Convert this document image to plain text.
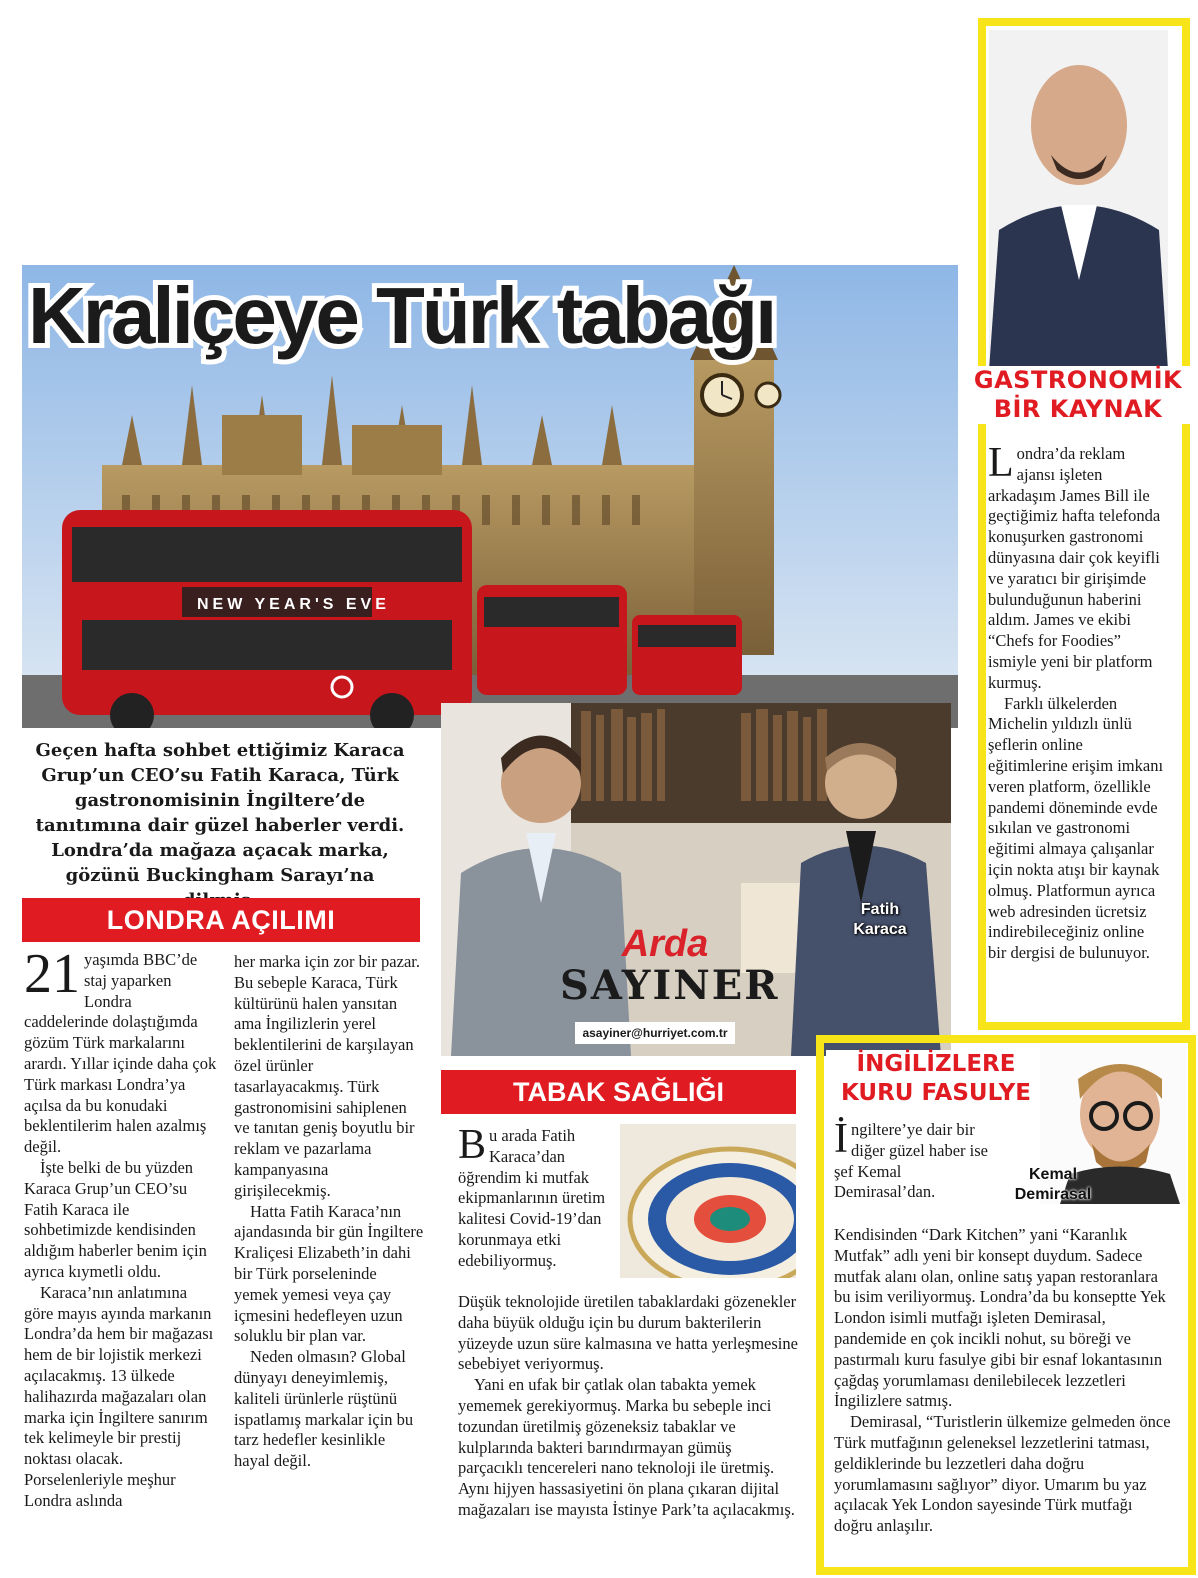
NEW YEAR'S EVE
Kraliçeye Türk tabağı
Geçen hafta sohbet ettiğimiz Karaca Grup’un CEO’su Fatih Karaca, Türk gastronomisinin İngiltere’de tanıtımına dair güzel haberler verdi. Londra’da mağaza açacak marka, gözünü Buckingham Sarayı’na
LONDRA AÇILIMI

21 yaşımda BBC’de staj yaparken Londra caddelerinde dolaştığımda gözüm Türk markalarını arardı. Yıllar içinde daha çok Türk markası Londra’ya açılsa da bu konudaki beklentilerim halen azalmış değil.

İşte belki de bu yüzden Karaca Grup’un CEO’su Fatih Karaca ile sohbetimizde kendisinden aldığım haberler benim için ayrıca kıymetli oldu.

Karaca’nın anlatımına göre mayıs ayında markanın Londra’da hem bir mağazası hem de bir lojistik merkezi açılacakmış. 13 ülkede halihazırda mağazaları olan marka için İngiltere sanırım tek kelimeyle bir prestij noktası olacak. Porselenleriyle meşhur Londra aslında

her marka için zor bir pazar. Bu sebeple Karaca, Türk kültürünü halen yansıtan ama İngilizlerin yerel beklentilerini de karşılayan özel ürünler tasarlayacakmış. Türk gastronomisini sahiplenen ve tanıtan geniş boyutlu bir reklam ve pazarlama kampanyasına girişilecekmiş.

Hatta Fatih Karaca’nın ajandasında bir gün İngiltere Kraliçesi Elizabeth’in dahi bir Türk porseleninde yemek yemesi veya çay içmesini hedefleyen uzun soluklu bir plan var.

Neden olmasın? Global dünyayı deneyimlemiş, kaliteli ürünlerle rüştünü ispatlamış markalar için bu tarz hedefler kesinlikle hayal değil.

Fatih Karaca
Arda
SAYINER
asayiner@hurriyet.com.tr
TABAK SAĞLIĞI

Bu arada Fatih Karaca’dan öğrendim ki mutfak ekipmanlarının üretim kalitesi Covid-19’dan korunmaya etki edebiliyormuş.

Düşük teknolojide üretilen tabaklardaki gözenekler daha büyük olduğu için bu durum bakterilerin yüzeyde uzun süre kalmasına ve hatta yerleşmesine sebebiyet veriyormuş.

Yani en ufak bir çatlak olan tabakta yemek yememek gerekiyormuş. Marka bu sebeple inci tozundan üretilmiş gözeneksiz tabaklar ve kulplarında bakteri barındırmayan gümüş parçacıklı tencereleri nano teknoloji ile üretmiş. Aynı hijyen hassasiyetini ön plana çıkaran dijital mağazaları ise mayısta İstinye Park’ta açılacakmış.

GASTRONOMİK
BİR KAYNAK

Londra’da reklam ajansı işleten arkadaşım James Bill ile geçtiğimiz hafta telefonda konuşurken gastronomi dünyasına dair çok keyifli ve yaratıcı bir girişimde bulunduğunun haberini aldım. James ve ekibi “Chefs for Foodies” ismiyle yeni bir platform kurmuş.

Farklı ülkelerden Michelin yıldızlı ünlü şeflerin online eğitimlerine erişim imkanı veren platform, özellikle pandemi döneminde evde sıkılan ve gastronomi eğitimi almaya çalışanlar için nokta atışı bir kaynak olmuş. Platformun ayrıca web adresinden ücretsiz indirebileceğiniz online bir dergisi de bulunuyor.

İNGİLİZLERE
KURU FASULYE
Kemal Demirasal

İngiltere’ye dair bir diğer güzel haber ise şef Kemal Demirasal’dan.

Kendisinden “Dark Kitchen” yani “Karanlık Mutfak” adlı yeni bir konsept duydum. Sadece mutfak alanı olan, online satış yapan restoranlara bu isim veriliyormuş. Londra’da bu konseptte Yek London isimli mutfağı işleten Demirasal, pandemide en çok incikli nohut, su böreği ve pastırmalı kuru fasulye gibi bir esnaf lokantasının çağdaş yorumlaması denilebilecek lezzetleri İngilizlere satmış.

Demirasal, “Turistlerin ülkemize gelmeden önce Türk mutfağının geleneksel lezzetlerini tatması, geldiklerinde bu lezzetleri daha doğru yorumlamasını sağlıyor” diyor. Umarım bu yaz açılacak Yek London sayesinde Türk mutfağı doğru anlaşılır.
